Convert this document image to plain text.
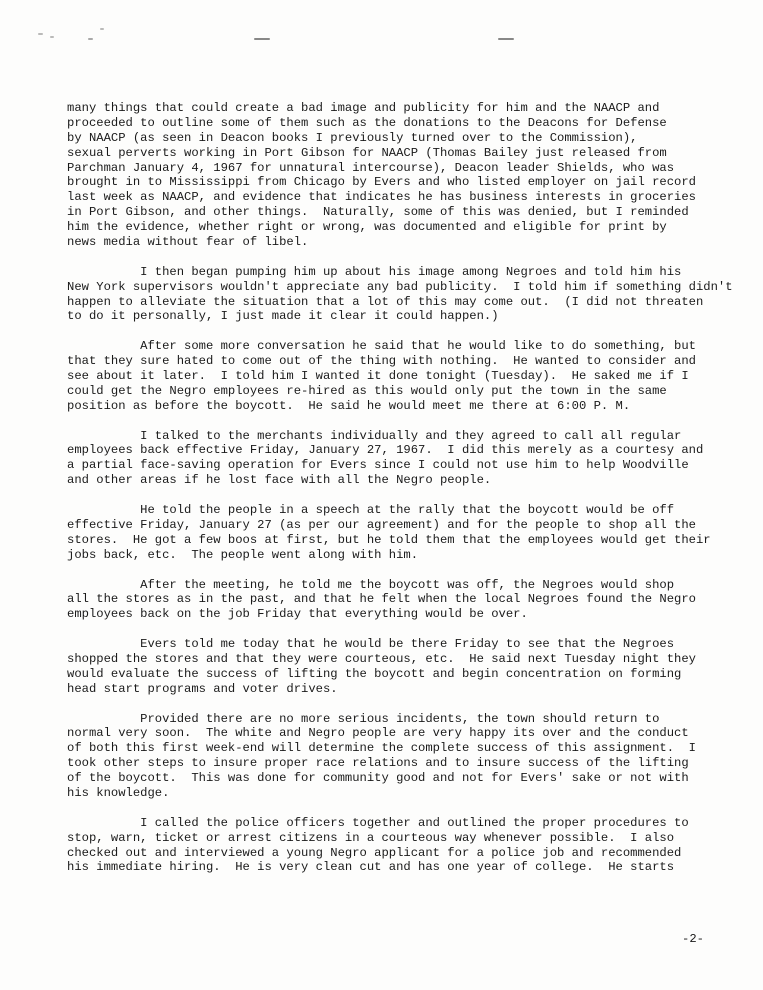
many things that could create a bad image and publicity for him and the NAACP and
proceeded to outline some of them such as the donations to the Deacons for Defense
by NAACP (as seen in Deacon books I previously turned over to the Commission),
sexual perverts working in Port Gibson for NAACP (Thomas Bailey just released from
Parchman January 4, 1967 for unnatural intercourse), Deacon leader Shields, who was
brought in to Mississippi from Chicago by Evers and who listed employer on jail record
last week as NAACP, and evidence that indicates he has business interests in groceries
in Port Gibson, and other things.  Naturally, some of this was denied, but I reminded
him the evidence, whether right or wrong, was documented and eligible for print by
news media without fear of libel.
I then began pumping him up about his image among Negroes and told him his
New York supervisors wouldn't appreciate any bad publicity.  I told him if something didn't
happen to alleviate the situation that a lot of this may come out.  (I did not threaten
to do it personally, I just made it clear it could happen.)
After some more conversation he said that he would like to do something, but
that they sure hated to come out of the thing with nothing.  He wanted to consider and
see about it later.  I told him I wanted it done tonight (Tuesday).  He saked me if I
could get the Negro employees re-hired as this would only put the town in the same
position as before the boycott.  He said he would meet me there at 6:00 P. M.
I talked to the merchants individually and they agreed to call all regular
employees back effective Friday, January 27, 1967.  I did this merely as a courtesy and
a partial face-saving operation for Evers since I could not use him to help Woodville
and other areas if he lost face with all the Negro people.
He told the people in a speech at the rally that the boycott would be off
effective Friday, January 27 (as per our agreement) and for the people to shop all the
stores.  He got a few boos at first, but he told them that the employees would get their
jobs back, etc.  The people went along with him.
After the meeting, he told me the boycott was off, the Negroes would shop
all the stores as in the past, and that he felt when the local Negroes found the Negro
employees back on the job Friday that everything would be over.
Evers told me today that he would be there Friday to see that the Negroes
shopped the stores and that they were courteous, etc.  He said next Tuesday night they
would evaluate the success of lifting the boycott and begin concentration on forming
head start programs and voter drives.
Provided there are no more serious incidents, the town should return to
normal very soon.  The white and Negro people are very happy its over and the conduct
of both this first week-end will determine the complete success of this assignment.  I
took other steps to insure proper race relations and to insure success of the lifting
of the boycott.  This was done for community good and not for Evers' sake or not with
his knowledge.
I called the police officers together and outlined the proper procedures to
stop, warn, ticket or arrest citizens in a courteous way whenever possible.  I also
checked out and interviewed a young Negro applicant for a police job and recommended
his immediate hiring.  He is very clean cut and has one year of college.  He starts
-2-
